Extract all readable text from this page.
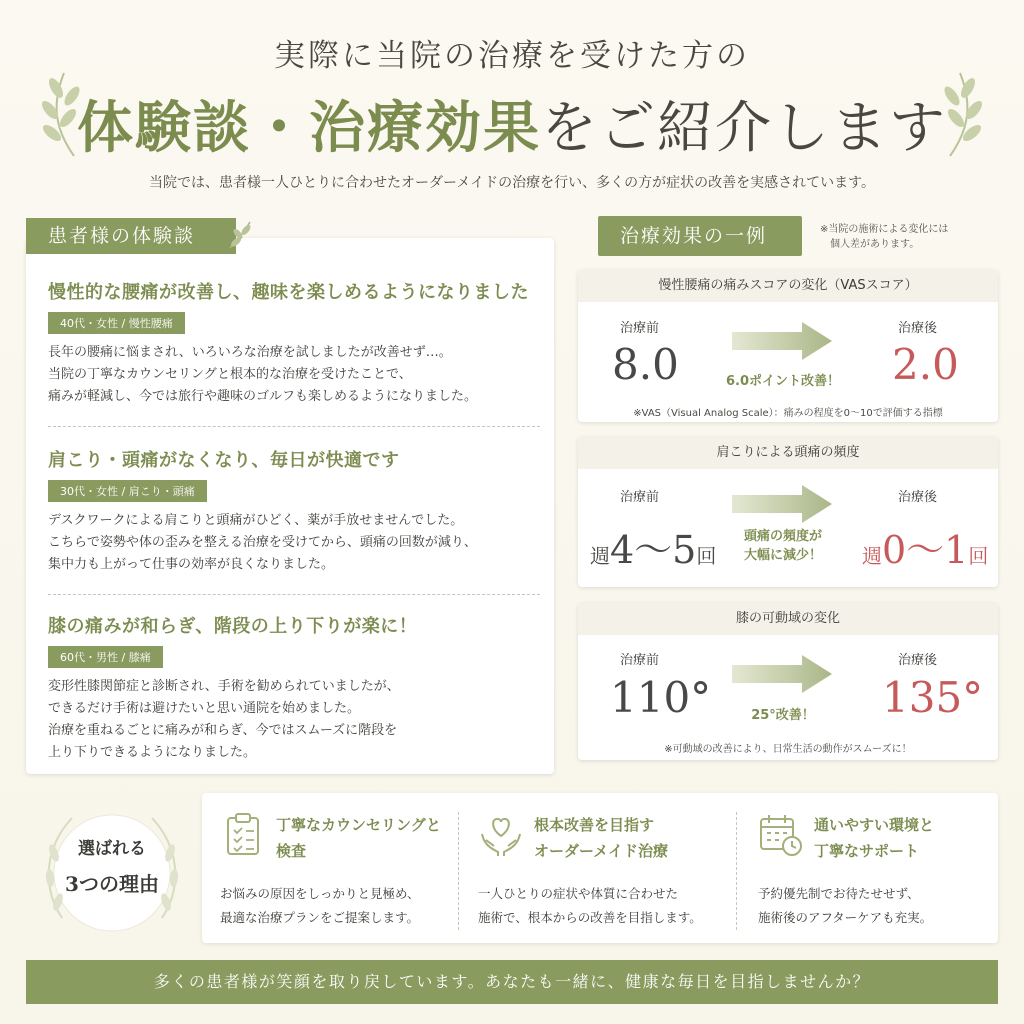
実際に当院の治療を受けた方の
体験談・治療効果をご紹介します
当院では、患者様一人ひとりに合わせたオーダーメイドの治療を行い、多くの方が症状の改善を実感されています。
患者様の体験談
慢性的な腰痛が改善し、趣味を楽しめるようになりました
40代・女性 / 慢性腰痛
長年の腰痛に悩まされ、いろいろな治療を試しましたが改善せず…。
当院の丁寧なカウンセリングと根本的な治療を受けたことで、
痛みが軽減し、今では旅行や趣味のゴルフも楽しめるようになりました。
肩こり・頭痛がなくなり、毎日が快適です
30代・女性 / 肩こり・頭痛
デスクワークによる肩こりと頭痛がひどく、薬が手放せませんでした。
こちらで姿勢や体の歪みを整える治療を受けてから、頭痛の回数が減り、
集中力も上がって仕事の効率が良くなりました。
膝の痛みが和らぎ、階段の上り下りが楽に！
60代・男性 / 膝痛
変形性膝関節症と診断され、手術を勧められていましたが、
できるだけ手術は避けたいと思い通院を始めました。
治療を重ねるごとに痛みが和らぎ、今ではスムーズに階段を
上り下りできるようになりました。
治療効果の一例	※当院の施術による変化には
個人差があります。
慢性腰痛の痛みスコアの変化（VASスコア）
治療前	治療後
8.0	2.0
6.0ポイント改善！
※VAS（Visual Analog Scale）：痛みの程度を0〜10で評価する指標
肩こりによる頭痛の頻度
治療前	治療後
週4〜5回	週0〜1回
頭痛の頻度が
大幅に減少！
膝の可動域の変化
治療前	治療後
110°	135°
25°改善！
※可動域の改善により、日常生活の動作がスムーズに！
選ばれる
3つの理由
丁寧なカウンセリングと
検査
お悩みの原因をしっかりと見極め、
最適な治療プランをご提案します。
根本改善を目指す
オーダーメイド治療
一人ひとりの症状や体質に合わせた
施術で、根本からの改善を目指します。
通いやすい環境と
丁寧なサポート
予約優先制でお待たせせず、
施術後のアフターケアも充実。
多くの患者様が笑顔を取り戻しています。あなたも一緒に、健康な毎日を目指しませんか？
